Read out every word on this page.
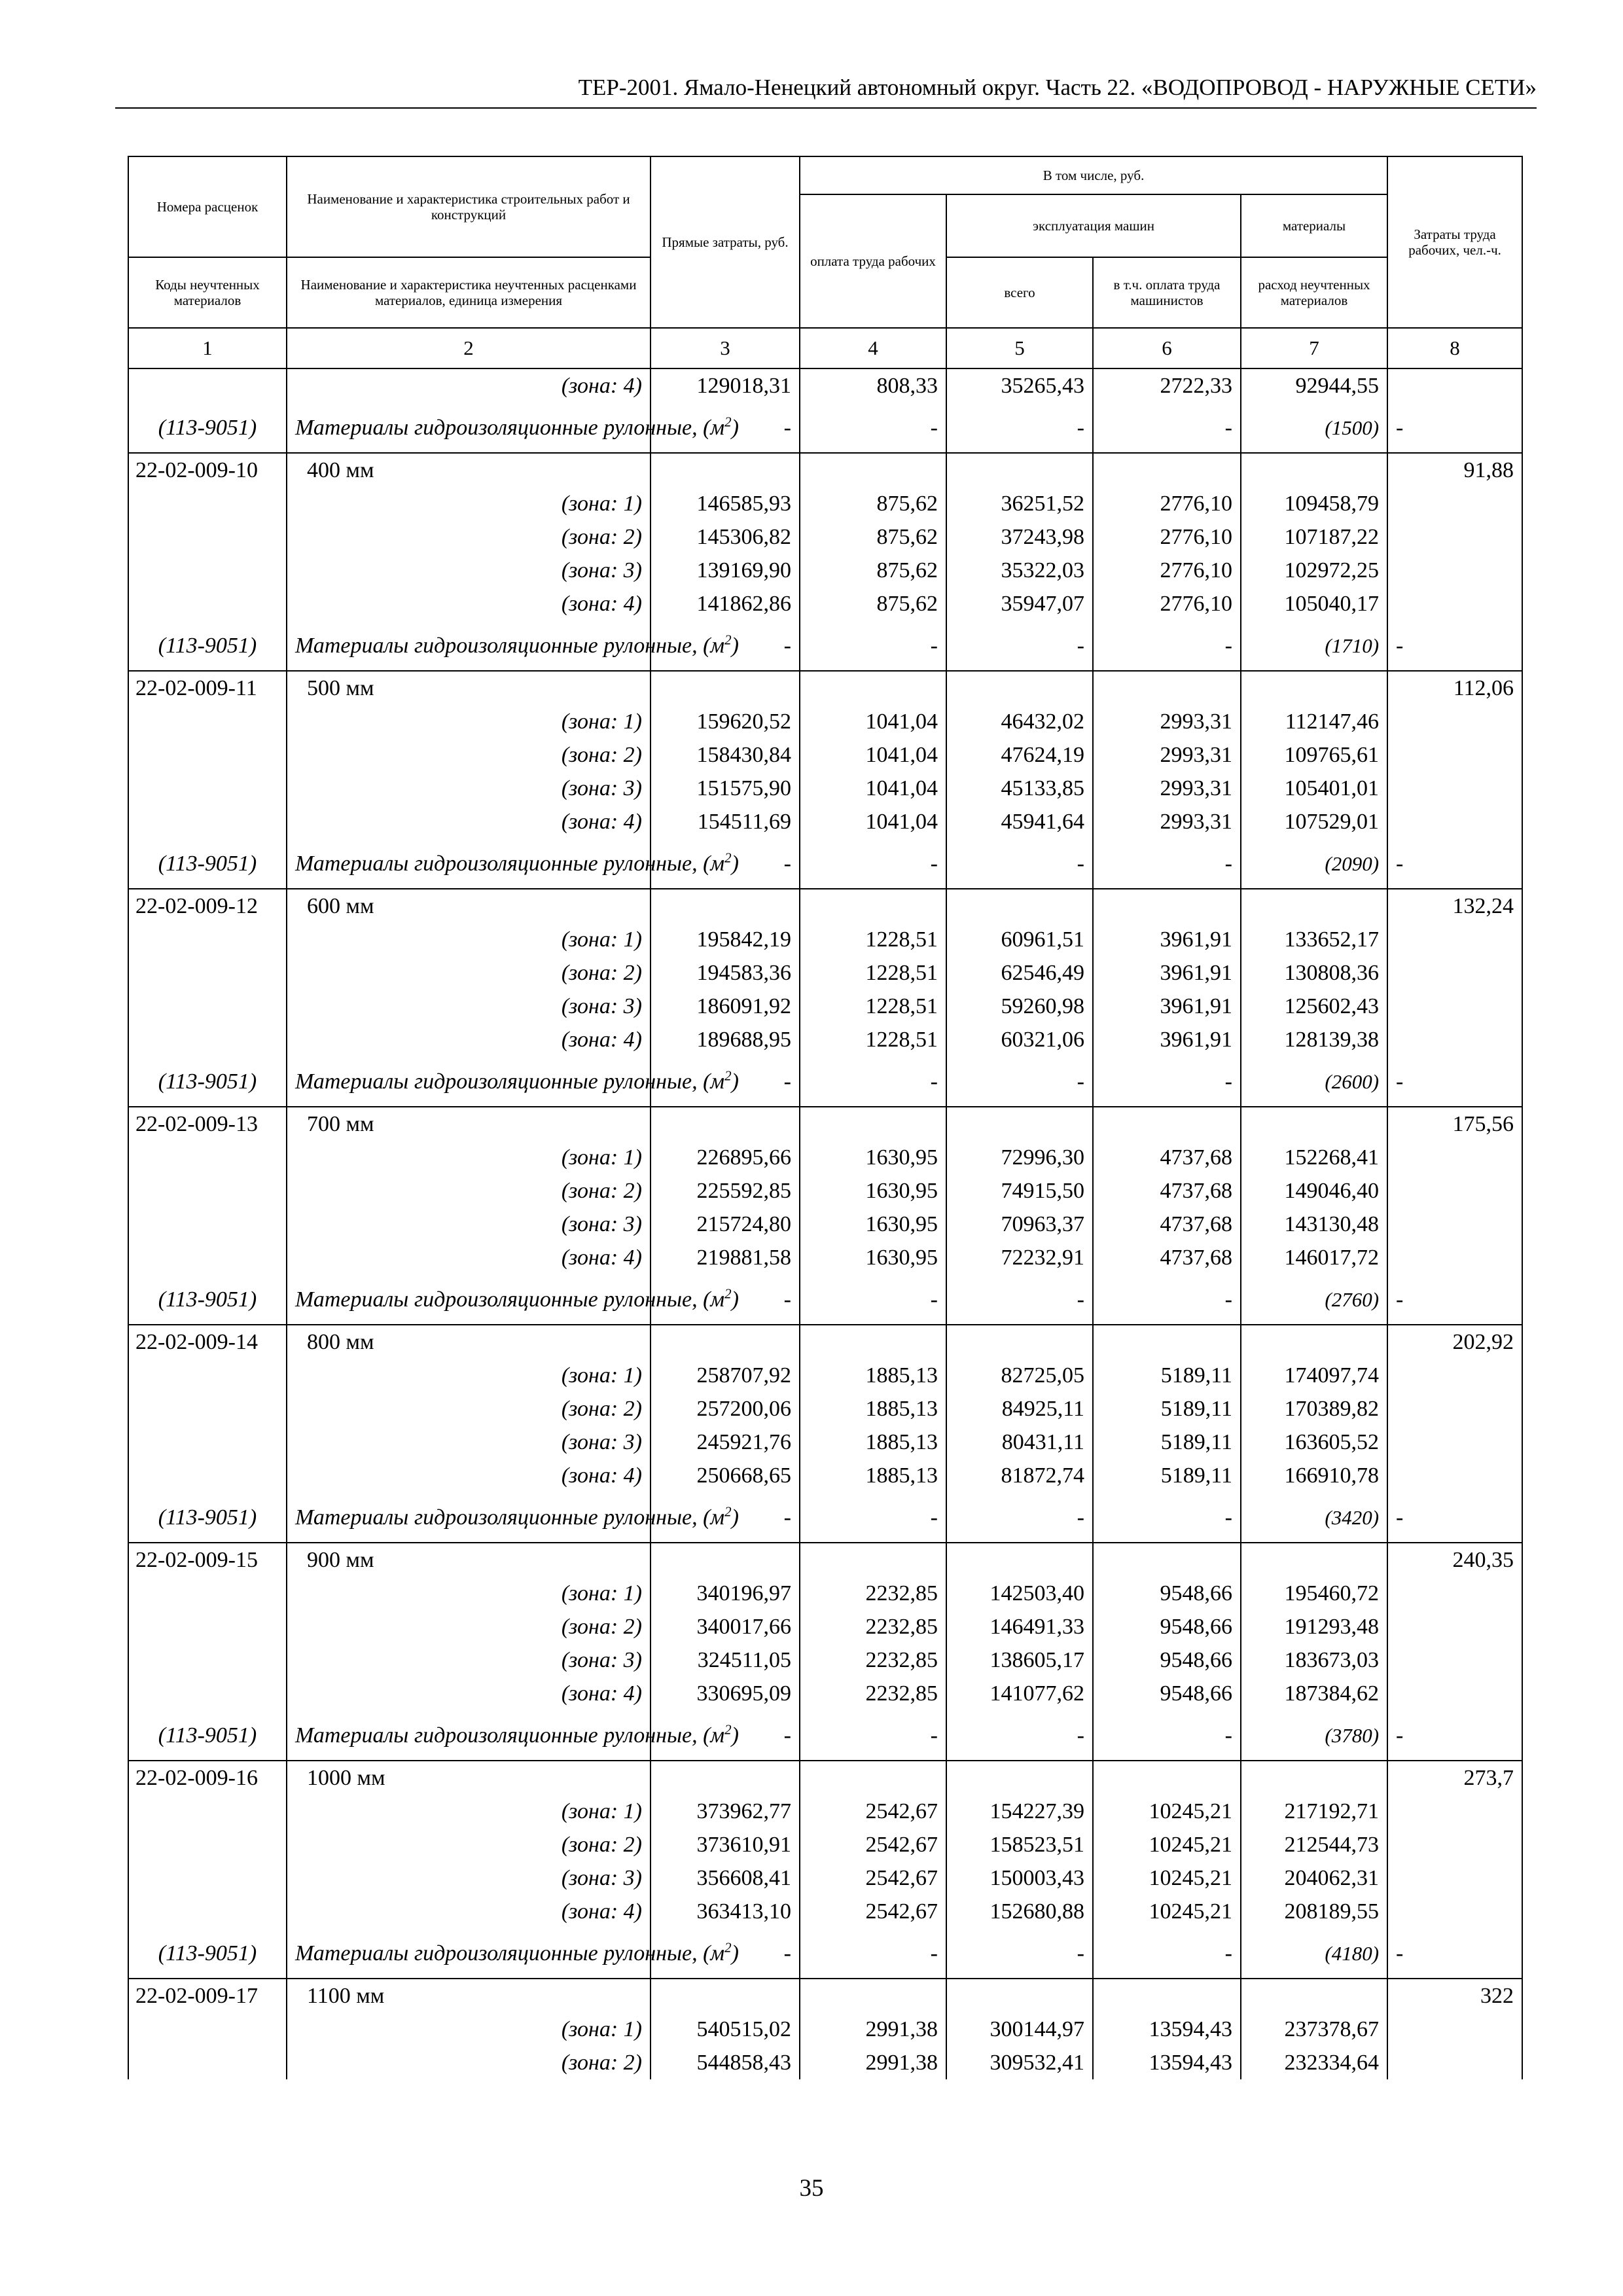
ТЕР-2001. Ямало-Ненецкий автономный округ. Часть 22. «ВОДОПРОВОД - НАРУЖНЫЕ СЕТИ»
Номера расценок	Наименование и характеристика строительных работ и конструкций	Прямые затраты, руб.	В том числе, руб.				Затраты труда рабочих, чел.-ч.
			оплата труда рабочих	эксплуатация машин		материалы	
Коды неучтенных материалов	Наименование и характеристика неучтенных расценками материалов, единица измерения			всего	в т.ч. оплата труда машинистов	расход неучтенных материалов	
1	2	3	4	5	6	7	8
	(зона: 4)	129018,31	808,33	35265,43	2722,33	92944,55	
(113-9051)	Материалы гидроизоляционные рулонные, $(м^2)$	-	-	-	-	(1500)	-
22-02-009-10	400 мм						91,88
	(зона: 1)	146585,93	875,62	36251,52	2776,10	109458,79	
	(зона: 2)	145306,82	875,62	37243,98	2776,10	107187,22	
	(зона: 3)	139169,90	875,62	35322,03	2776,10	102972,25	
	(зона: 4)	141862,86	875,62	35947,07	2776,10	105040,17	
(113-9051)	Материалы гидроизоляционные рулонные, $(м^2)$	-	-	-	-	(1710)	-
22-02-009-11	500 мм						112,06
	(зона: 1)	159620,52	1041,04	46432,02	2993,31	112147,46	
	(зона: 2)	158430,84	1041,04	47624,19	2993,31	109765,61	
	(зона: 3)	151575,90	1041,04	45133,85	2993,31	105401,01	
	(зона: 4)	154511,69	1041,04	45941,64	2993,31	107529,01	
(113-9051)	Материалы гидроизоляционные рулонные, $(м^2)$	-	-	-	-	(2090)	-
22-02-009-12	600 мм						132,24
	(зона: 1)	195842,19	1228,51	60961,51	3961,91	133652,17	
	(зона: 2)	194583,36	1228,51	62546,49	3961,91	130808,36	
	(зона: 3)	186091,92	1228,51	59260,98	3961,91	125602,43	
	(зона: 4)	189688,95	1228,51	60321,06	3961,91	128139,38	
(113-9051)	Материалы гидроизоляционные рулонные, $(м^2)$	-	-	-	-	(2600)	-
22-02-009-13	700 мм						175,56
	(зона: 1)	226895,66	1630,95	72996,30	4737,68	152268,41	
	(зона: 2)	225592,85	1630,95	74915,50	4737,68	149046,40	
	(зона: 3)	215724,80	1630,95	70963,37	4737,68	143130,48	
	(зона: 4)	219881,58	1630,95	72232,91	4737,68	146017,72	
(113-9051)	Материалы гидроизоляционные рулонные, $(м^2)$	-	-	-	-	(2760)	-
22-02-009-14	800 мм						202,92
	(зона: 1)	258707,92	1885,13	82725,05	5189,11	174097,74	
	(зона: 2)	257200,06	1885,13	84925,11	5189,11	170389,82	
	(зона: 3)	245921,76	1885,13	80431,11	5189,11	163605,52	
	(зона: 4)	250668,65	1885,13	81872,74	5189,11	166910,78	
(113-9051)	Материалы гидроизоляционные рулонные, $(м^2)$	-	-	-	-	(3420)	-
22-02-009-15	900 мм						240,35
	(зона: 1)	340196,97	2232,85	142503,40	9548,66	195460,72	
	(зона: 2)	340017,66	2232,85	146491,33	9548,66	191293,48	
	(зона: 3)	324511,05	2232,85	138605,17	9548,66	183673,03	
	(зона: 4)	330695,09	2232,85	141077,62	9548,66	187384,62	
(113-9051)	Материалы гидроизоляционные рулонные, $(м^2)$	-	-	-	-	(3780)	-
22-02-009-16	1000 мм						273,7
	(зона: 1)	373962,77	2542,67	154227,39	10245,21	217192,71	
	(зона: 2)	373610,91	2542,67	158523,51	10245,21	212544,73	
	(зона: 3)	356608,41	2542,67	150003,43	10245,21	204062,31	
	(зона: 4)	363413,10	2542,67	152680,88	10245,21	208189,55	
(113-9051)	Материалы гидроизоляционные рулонные, $(м^2)$	-	-	-	-	(4180)	-
22-02-009-17	1100 мм						322
	(зона: 1)	540515,02	2991,38	300144,97	13594,43	237378,67	
	(зона: 2)	544858,43	2991,38	309532,41	13594,43	232334,64	
35
